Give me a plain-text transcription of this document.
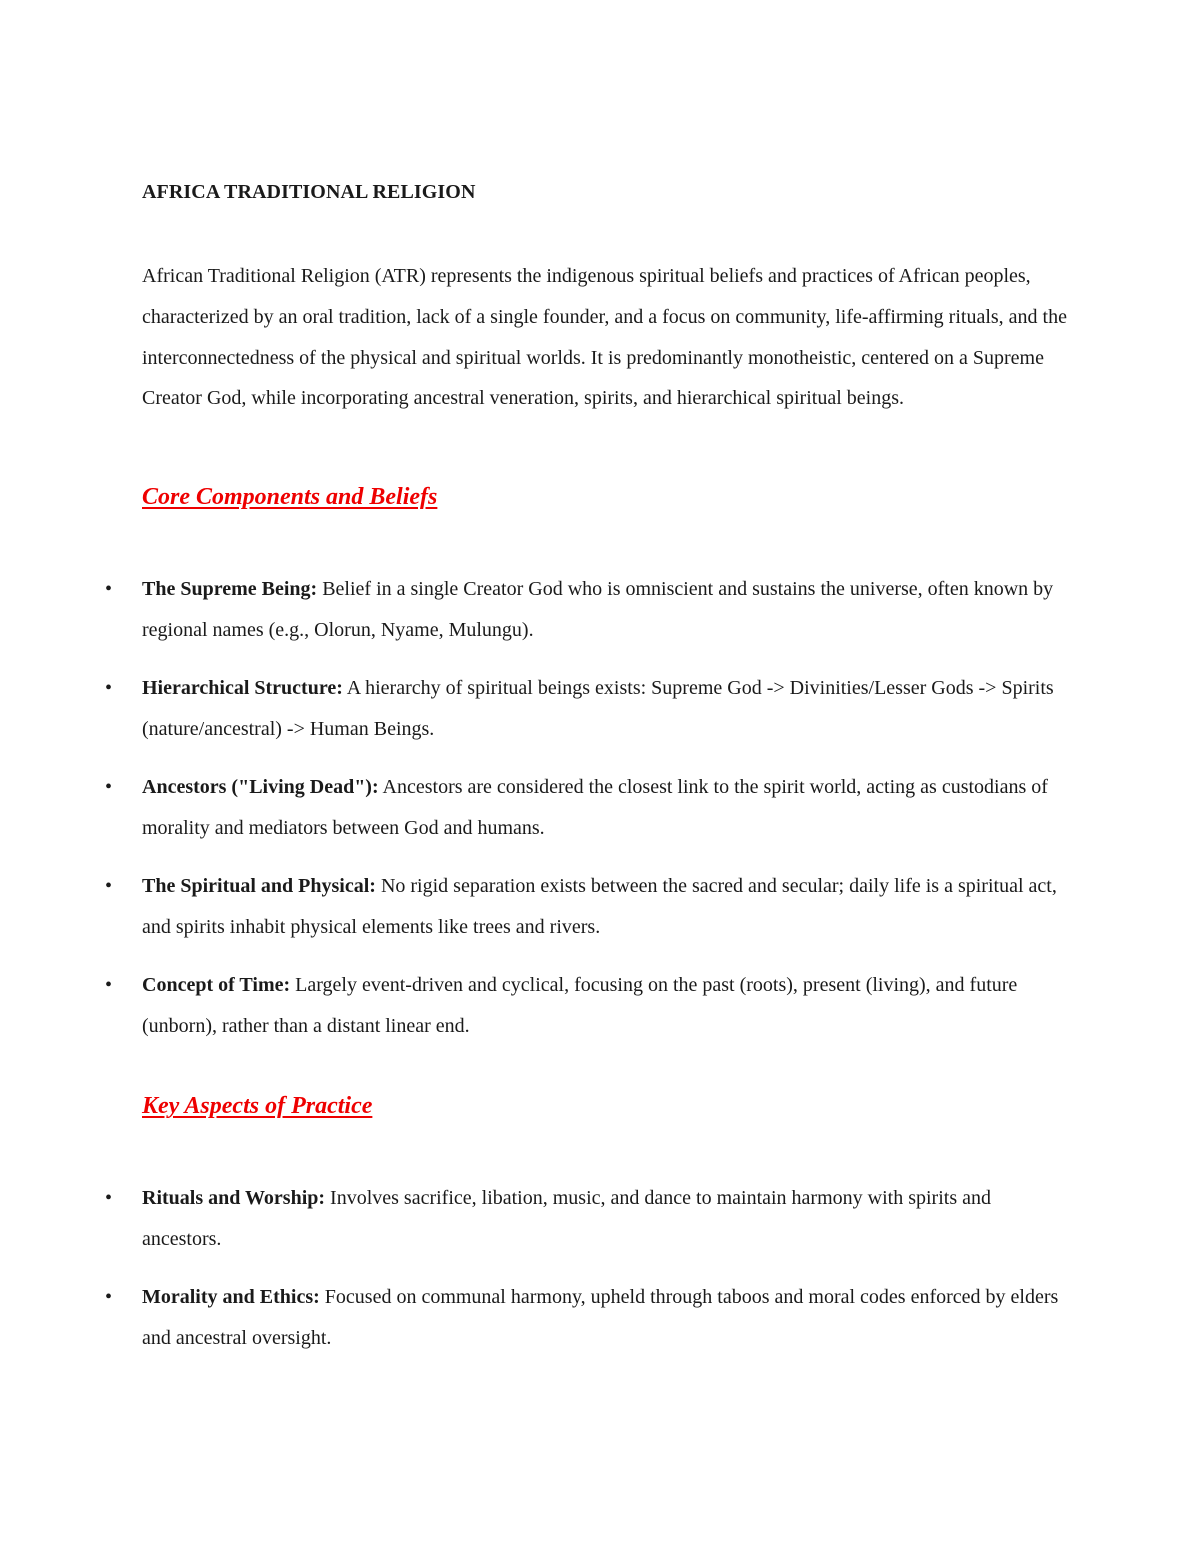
AFRICA TRADITIONAL RELIGION

African Traditional Religion (ATR) represents the indigenous spiritual beliefs and practices of African peoples, characterized by an oral tradition, lack of a single founder, and a focus on community, life-affirming rituals, and the interconnectedness of the physical and spiritual worlds. It is predominantly monotheistic, centered on a Supreme Creator God, while incorporating ancestral veneration, spirits, and hierarchical spiritual beings.

Core Components and Beliefs
• The Supreme Being: Belief in a single Creator God who is omniscient and sustains the universe, often known by regional names (e.g., Olorun, Nyame, Mulungu).
• Hierarchical Structure: A hierarchy of spiritual beings exists: Supreme God -> Divinities/Lesser Gods -> Spirits (nature/ancestral) -> Human Beings.
• Ancestors ("Living Dead"): Ancestors are considered the closest link to the spirit world, acting as custodians of morality and mediators between God and humans.
• The Spiritual and Physical: No rigid separation exists between the sacred and secular; daily life is a spiritual act, and spirits inhabit physical elements like trees and rivers.
• Concept of Time: Largely event-driven and cyclical, focusing on the past (roots), present (living), and future (unborn), rather than a distant linear end.
Key Aspects of Practice
• Rituals and Worship: Involves sacrifice, libation, music, and dance to maintain harmony with spirits and ancestors.
• Morality and Ethics: Focused on communal harmony, upheld through taboos and moral codes enforced by elders and ancestral oversight.
